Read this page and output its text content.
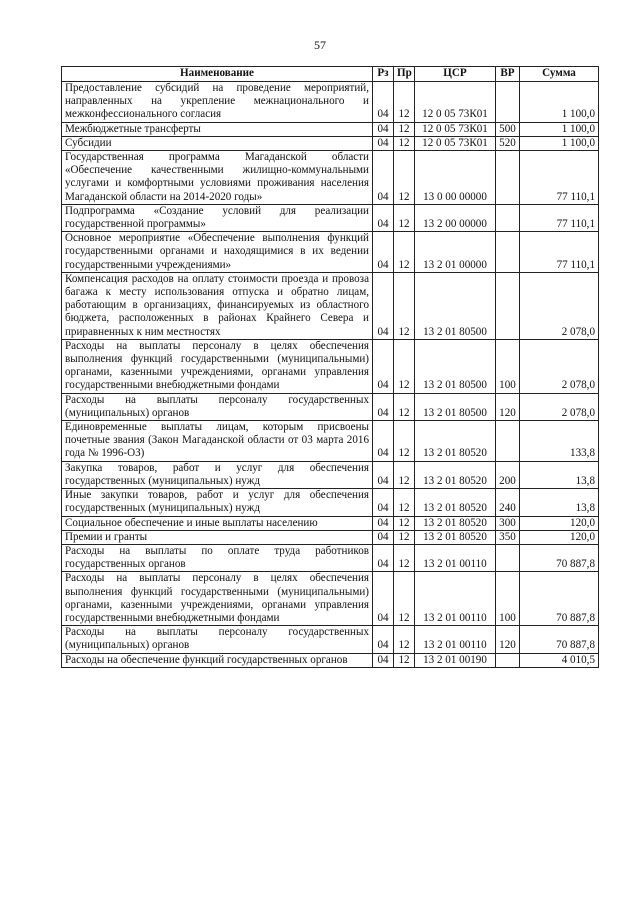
57
Наименование	Рз	Пр	ЦСР	ВР	Сумма
Предоставление субсидий на проведение мероприятий, направленных на укрепление межнационального и межконфессионального согласия	04	12	12 0 05 73К01		1 100,0
Межбюджетные трансферты	04	12	12 0 05 73К01	500	1 100,0
Субсидии	04	12	12 0 05 73К01	520	1 100,0
Государственная программа Магаданской области «Обеспечение качественными жилищно-коммунальными услугами и комфортными условиями проживания населения Магаданской области на 2014-2020 годы»	04	12	13 0 00 00000		77 110,1
Подпрограмма «Создание условий для реализации государственной программы»	04	12	13 2 00 00000		77 110,1
Основное мероприятие «Обеспечение выполнения функций государственными органами и находящимися в их ведении государственными учреждениями»	04	12	13 2 01 00000		77 110,1
Компенсация расходов на оплату стоимости проезда и провоза багажа к месту использования отпуска и обратно лицам, работающим в организациях, финансируемых из областного бюджета, расположенных в районах Крайнего Севера и приравненных к ним местностях	04	12	13 2 01 80500		2 078,0
Расходы на выплаты персоналу в целях обеспечения выполнения функций государственными (муниципальными) органами, казенными учреждениями, органами управления государственными внебюджетными фондами	04	12	13 2 01 80500	100	2 078,0
Расходы на выплаты персоналу государственных (муниципальных) органов	04	12	13 2 01 80500	120	2 078,0
Единовременные выплаты лицам, которым присвоены почетные звания (Закон Магаданской области от 03 марта 2016 года № 1996-ОЗ)	04	12	13 2 01 80520		133,8
Закупка товаров, работ и услуг для обеспечения государственных (муниципальных) нужд	04	12	13 2 01 80520	200	13,8
Иные закупки товаров, работ и услуг для обеспечения государственных (муниципальных) нужд	04	12	13 2 01 80520	240	13,8
Социальное обеспечение и иные выплаты населению	04	12	13 2 01 80520	300	120,0
Премии и гранты	04	12	13 2 01 80520	350	120,0
Расходы на выплаты по оплате труда работников государственных органов	04	12	13 2 01 00110		70 887,8
Расходы на выплаты персоналу в целях обеспечения выполнения функций государственными (муниципальными) органами, казенными учреждениями, органами управления государственными внебюджетными фондами	04	12	13 2 01 00110	100	70 887,8
Расходы на выплаты персоналу государственных (муниципальных) органов	04	12	13 2 01 00110	120	70 887,8
Расходы на обеспечение функций государственных органов	04	12	13 2 01 00190		4 010,5
